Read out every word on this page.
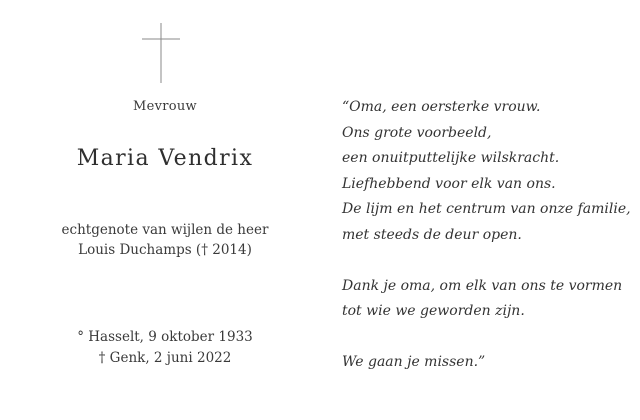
Mevrouw
Maria Vendrix
echtgenote van wijlen de heer
Louis Duchamps († 2014)
° Hasselt, 9 oktober 1933
† Genk, 2 juni 2022
“Oma, een oersterke vrouw.
Ons grote voorbeeld,
een onuitputtelijke wilskracht.
Liefhebbend voor elk van ons.
De lijm en het centrum van onze familie,
met steeds de deur open.
Dank je oma, om elk van ons te vormen
tot wie we geworden zijn.
We gaan je missen.”
